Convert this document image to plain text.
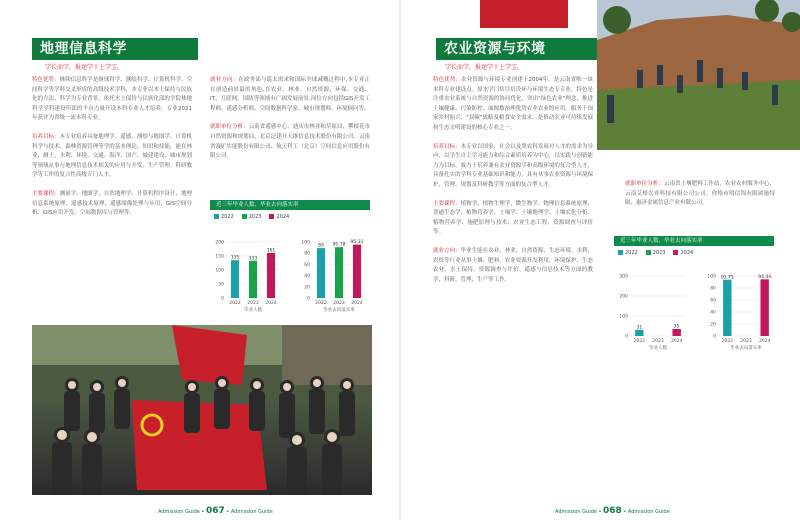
地理信息科学
学长而学，报途学于上学宝。

特色优势：继续信息科学是继球科学、测绘科学、计算机科学、空间科学等学科交叉形成的高级技术学科，本专业以本土保持与民族化的方法、科学为专业背景，依托水土保持与民族化部的学院林地科学学科建设所部的平台力量开设本科专业人才培养，专业2021年获评为省级一流本科专业。

培养目标：本专业培养具备地理学、遥感、测绘与地图学、计算机科学与技术、森林资源管理等学的基本理论、知识和技能，能在林业、测土、水利、环境、交通、海洋、国产、城建建设、城市规划等领域从事与地理信息技术相关的应用与开发、生产管理、科研教学等工作的复合性高级专门人才。

主要课程：测量学、地图学、自然地理学、计算机程序设计、地理信息系统原理、遥感技术原理、遥感图像处理与应用、GIS空间分析、GIS应用开发、空间数据库与管理等。

就业方向：在政务部与遥太需求和国际全球减概过程中,本专业正在创造前景最的角色,在农业、林业、自然资源、环保、交通、IT、互联网、国防等领域有广阔发展前景,岗位方向包括GIS开发工程师、遥感分析师、空间数据科学家、城市规划师、环境顾问等。

就职单位分析：云南省遥感中心、迪庆市林业和草原局、攀枝花市自然资源和规划局、北京泛建开天维信息技术股份有限公司、云南省漫矿实能股份有限公司、航天科工（北京）空间信息应用股份有限公司。

近三年毕业人数、毕业去向落实率
2022	2023	2024
0
50
100
150
200
135
2022
133
2023
161
2024
毕业人数
0
20
40
60
80
100
89
2022
90.78
2023
95.31
2024
毕业去向落实率
Admission Guide • 067 • Admission Guide
农业资源与环境
学长而学，报途学于上学宝。

特色优势：农业资源与环境专业创建于2004年，是云南省唯一该本科专业建设点。原水学门培注培设环与环境生态专专业，特色是注重农业系统与自然资源的协同优化，突出"绿色农业"理念，推进土壤健康、污染防控、面源数治理优势农业农业的应用。服务于国家乡村振兴、"双碳"战略及粮食安全需求，是推动农业可持续发展和生态文明建设的核心专业之一。

培养目标：本专业以国家、社会以及黑农科发展对人才的需求为导向，以学生自主学习能力和综合素质培养为中心，以实践与创新能力为目标，致力于培养兼有农业资源学和高级环境的复合型人才，具备扎实的学科专业基础知识和能力，具有从事农业资源与环境保护、管理、规划及科研教学等方面的复合型人才。

主要课程：植物学、植物生理学、微生物学、物理信息系统原理、普通生态学、植物营养学、土壤学、土壤地理学、土壤农化分析、植物营养学、施肥原理与技术、农业生态工程、资源调查与评价等。

就业方向：毕业生能在农业、林业、自然资源、生态环境、水利、农资等行业从事土壤、肥料、农业资源开发利用、环境保护、生态农业、水土保持、资源调查与评价、遥感与信息技术等方面的教学、科研、管理、生产等工作。

就职单位分析：云南省土壤肥料工作站、农业农村服务中心、云南艾格农业科技有限公司公司、你格市明信锦有限属施特限、惠济金属信息产业有限公司。

近三年毕业人数、毕业去向落实率
2022	2023	2024
0
100
200
300
31
2022 2023
35
2024
毕业人数
0
20
40
60
80
100 93.75
2022 2023
94.44
2024
毕业去向落实率
Admission Guide • 068 • Admission Guide
